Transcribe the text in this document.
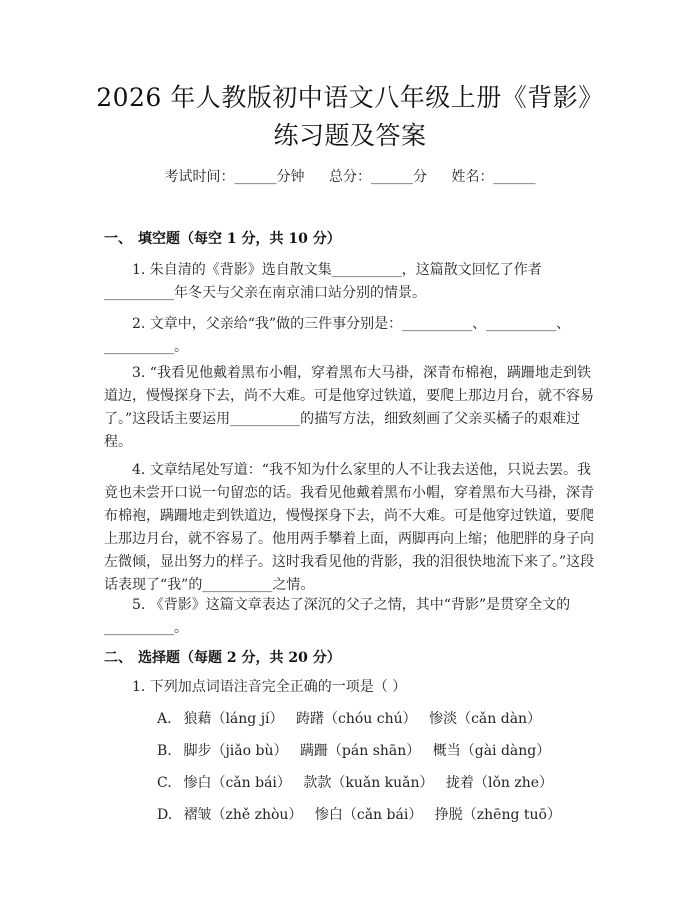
2026 年人教版初中语文八年级上册《背影》
练习题及答案
考试时间：______分钟 总分：______分 姓名：______
一、 填空题（每空 1 分，共 10 分）

1. 朱自清的《背影》选自散文集__________，这篇散文回忆了作者__________年冬天与父亲在南京浦口站分别的情景。

2. 文章中，父亲给“我”做的三件事分别是：__________、__________、__________。

3. “我看见他戴着黑布小帽，穿着黑布大马褂，深青布棉袍，蹒跚地走到铁道边，慢慢探身下去，尚不大难。可是他穿过铁道，要爬上那边月台，就不容易了。”这段话主要运用__________的描写方法，细致刻画了父亲买橘子的艰难过程。

4. 文章结尾处写道：“我不知为什么家里的人不让我去送他，只说去罢。我竟也未尝开口说一句留恋的话。我看见他戴着黑布小帽，穿着黑布大马褂，深青布棉袍，蹒跚地走到铁道边，慢慢探身下去，尚不大难。可是他穿过铁道，要爬上那边月台，就不容易了。他用两手攀着上面，两脚再向上缩；他肥胖的身子向左微倾，显出努力的样子。这时我看见他的背影，我的泪很快地流下来了。”这段话表现了“我”的__________之情。

5. 《背影》这篇文章表达了深沉的父子之情，其中“背影”是贯穿全文的__________。

二、 选择题（每题 2 分，共 20 分）
1. 下列加点词语注音完全正确的一项是（ ）
A. 狼藉（láng jí） 踌躇（chóu chú） 惨淡（cǎn dàn）
B. 脚步（jiǎo bù） 蹒跚（pán shān） 概当（gài dàng）
C. 惨白（cǎn bái） 款款（kuǎn kuǎn） 拢着（lǒn zhe）
D. 褶皱（zhě zhòu） 惨白（cǎn bái） 挣脱（zhēng tuō）
